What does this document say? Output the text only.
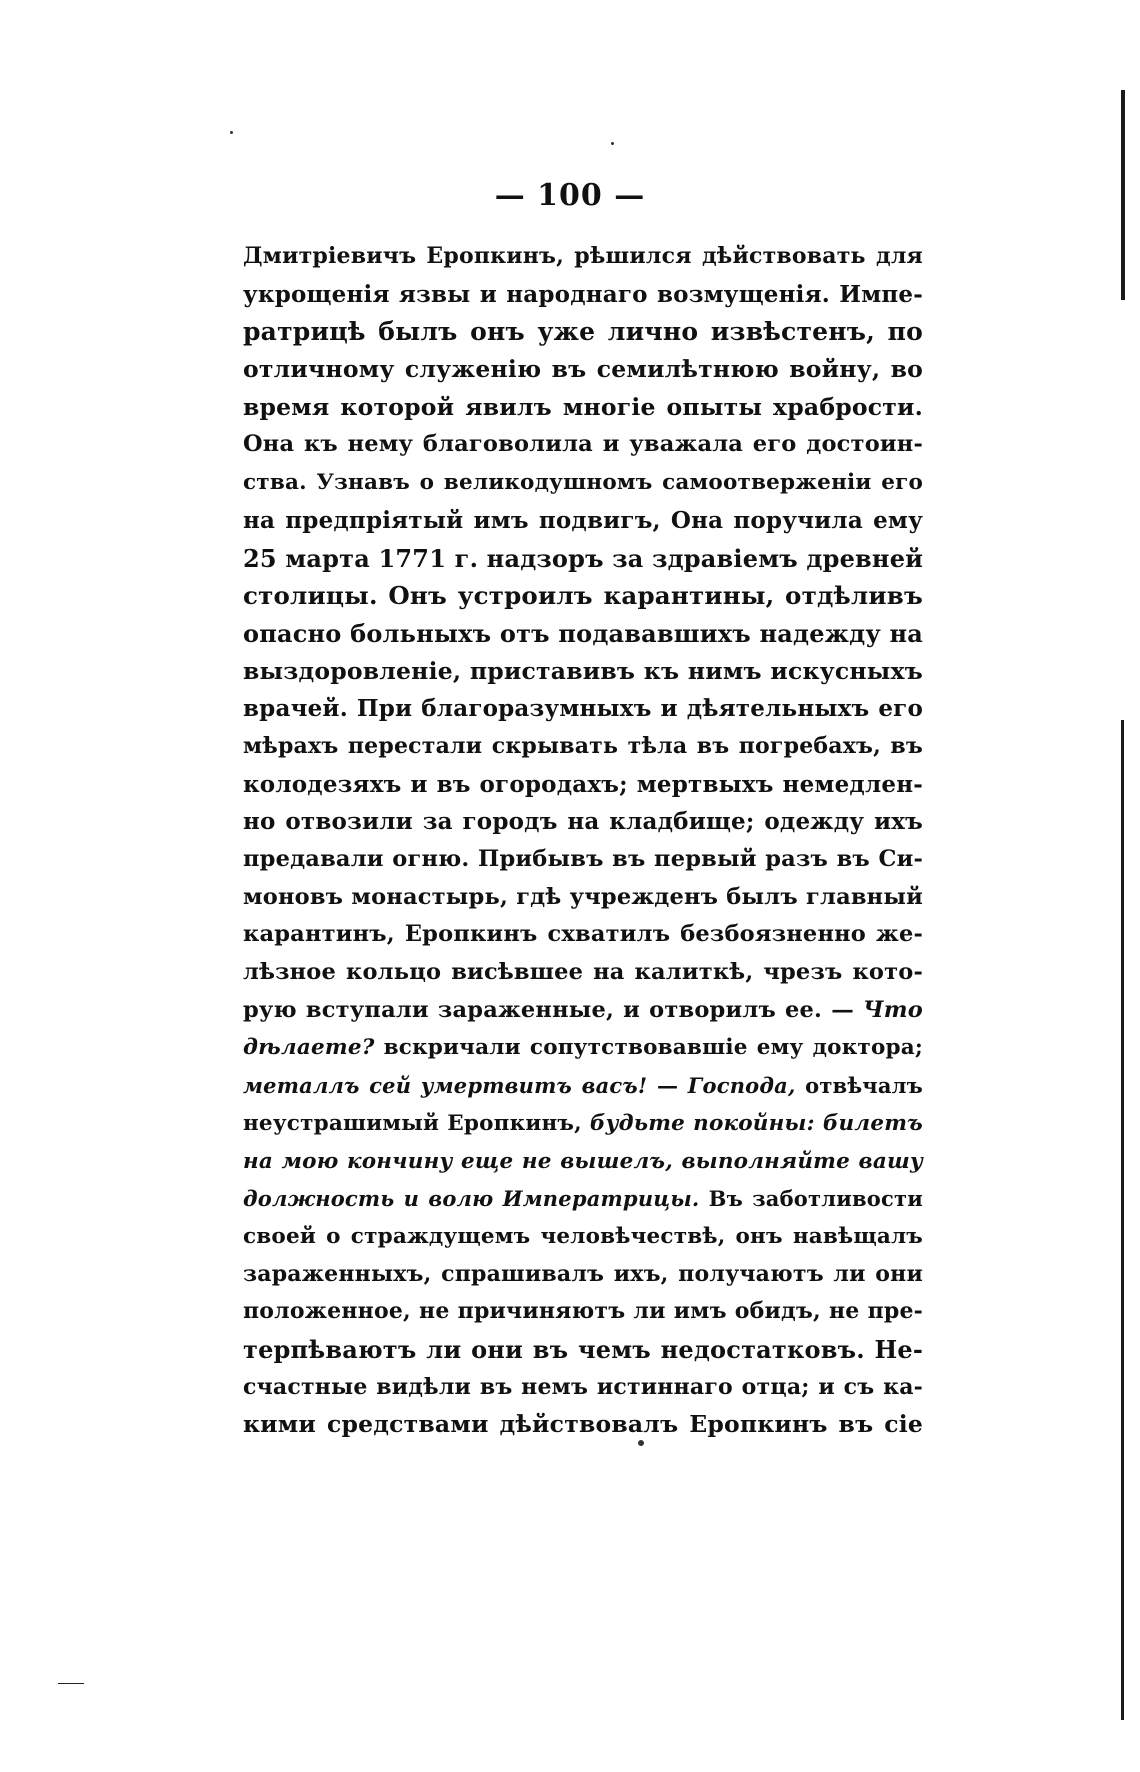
— 100 —
Дмитріевичъ Еропкинъ, рѣшился дѣйствовать для
укрощенія язвы и народнаго возмущенія. Импе-
ратрицѣ былъ онъ уже лично извѣстенъ, по
отличному служенію въ семилѣтнюю войну, во
время которой явилъ многіе опыты храбрости.
Она къ нему благоволила и уважала его достоин-
ства. Узнавъ о великодушномъ самоотверженіи его
на предпріятый имъ подвигъ, Она поручила ему
25 марта 1771 г. надзоръ за здравіемъ древней
столицы. Онъ устроилъ карантины, отдѣливъ
опасно больныхъ отъ подававшихъ надежду на
выздоровленіе, приставивъ къ нимъ искусныхъ
врачей. При благоразумныхъ и дѣятельныхъ его
мѣрахъ перестали скрывать тѣла въ погребахъ, въ
колодезяхъ и въ огородахъ; мертвыхъ немедлен-
но отвозили за городъ на кладбище; одежду ихъ
предавали огню. Прибывъ въ первый разъ въ Си-
моновъ монастырь, гдѣ учрежденъ былъ главный
карантинъ, Еропкинъ схватилъ безбоязненно же-
лѣзное кольцо висѣвшее на калиткѣ, чрезъ кото-
рую вступали зараженные, и отворилъ ее. — Что
дѣлаете? вскричали сопутствовавшіе ему доктора;
металлъ сей умертвитъ васъ! — Господа, отвѣчалъ
неустрашимый Еропкинъ, будьте покойны: билетъ
на мою кончину еще не вышелъ, выполняйте вашу
должность и волю Императрицы. Въ заботливости
своей о страждущемъ человѣчествѣ, онъ навѣщалъ
зараженныхъ, спрашивалъ ихъ, получаютъ ли они
положенное, не причиняютъ ли имъ обидъ, не пре-
терпѣваютъ ли они въ чемъ недостатковъ. Не-
счастные видѣли въ немъ истиннаго отца; и съ ка-
кими средствами дѣйствовалъ Еропкинъ въ сіе
